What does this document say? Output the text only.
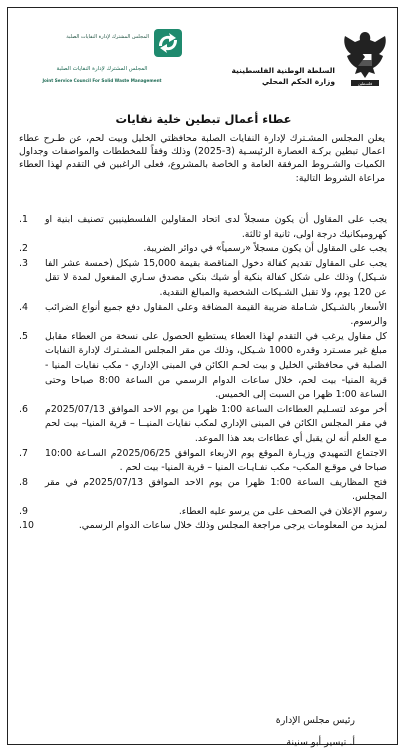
فلسطين
السلطة الوطنية الفلسطينية
وزارة الحكم المحلي
المجلس المشترك لإدارة النفايات الصلبة
المجلس المشترك لإدارة النفايات الصلبة
Joint Service Council For Solid Waste Management
عطاء أعمال تبطين خلية نفايات

يعلن المجلس المشـترك لإدارة النفايات الصلبة محافظتي الخليل وبيت لحم، عن طـرح عطاء اعمال تبطين بركـة العصارة الرئيسـية (3-2025) وذلك وفقاً للمخططات والمواصفات وجداول الكميات والشـروط المرفقة العامة و الخاصة بالمشروع، فعلى الراغبين في التقدم لهذا العطاء مراعاة الشروط التالية:

1.	يجب على المقاول أن يكون مسجلاً لدى اتحاد المقاولين الفلسطينيين تصنيف ابنية او كهروميكانيك درجة اولى، ثانية او ثالثة.
2.	يجب على المقاول أن يكون مسجلاً «رسمياً» في دوائر الضريبة.
3.	يجب على المقاول تقديم كفالة دخول المناقصة بقيمة 15,000 شيكل (خمسة عشر الفا شـيكل) وذلك على شكل كفالة بنكية أو شيك بنكي مصدق سـاري المفعول لمدة لا تقل عن 120 يوم، ولا تقبل الشـيكات الشخصية والمبالغ النقدية.
4.	الأسعار بالشـيكل شـاملة ضريبة القيمة المضافة وعلى المقاول دفع جميع أنواع الضرائب والرسوم.
5.	كل مقاول يرغب في التقدم لهذا العطاء يستطيع الحصول على نسخة من العطاء مقابل مبلغ غير مسـترد وقدره 1000 شـيكل، وذلك من مقر المجلس المشـترك لإدارة النفايات الصلبة في محافظتي الخليل و بيت لحـم الكائن في المبنى الإداري - مكب نفايات المنيا - قرية المنيا- بيت لحم، خلال ساعات الدوام الرسمي من الساعة 8:00 صباحا وحتى الساعة 1:00 ظهرا من السبت إلى الخميس.
6.	أخر موعد لتسـليم العطاءات الساعة 1:00 ظهرا من يوم الاحد الموافق 2025/07/13م في مقر المجلس الكائن في المبنى الإداري لمكب نفايات المنيــا – قرية المنيا– بيت لحم مـع العلم أنه لن يقبل أي عطاءات بعد هذا الموعد.
7.	الاجتماع التمهيدي وزيـارة الموقع يوم الاربعاء الموافق 2025/06/25م السـاعة 10:00 صباحا في موقـع المكب- مكب نفـايـات المنيا – قرية المنيا- بيت لحم .
8.	فتح المظاريف الساعة 1:00 ظهرا من يوم الاحد الموافق 2025/07/13م في مقر المجلس.
9.	رسوم الإعلان في الصحف على من يرسو عليه العطاء.
10.	لمزيد من المعلومات يرجى مراجعة المجلس وذلك خلال ساعات الدوام الرسمي.
رئيس مجلس الإدارة
أ. تيسير أبو سنينة
